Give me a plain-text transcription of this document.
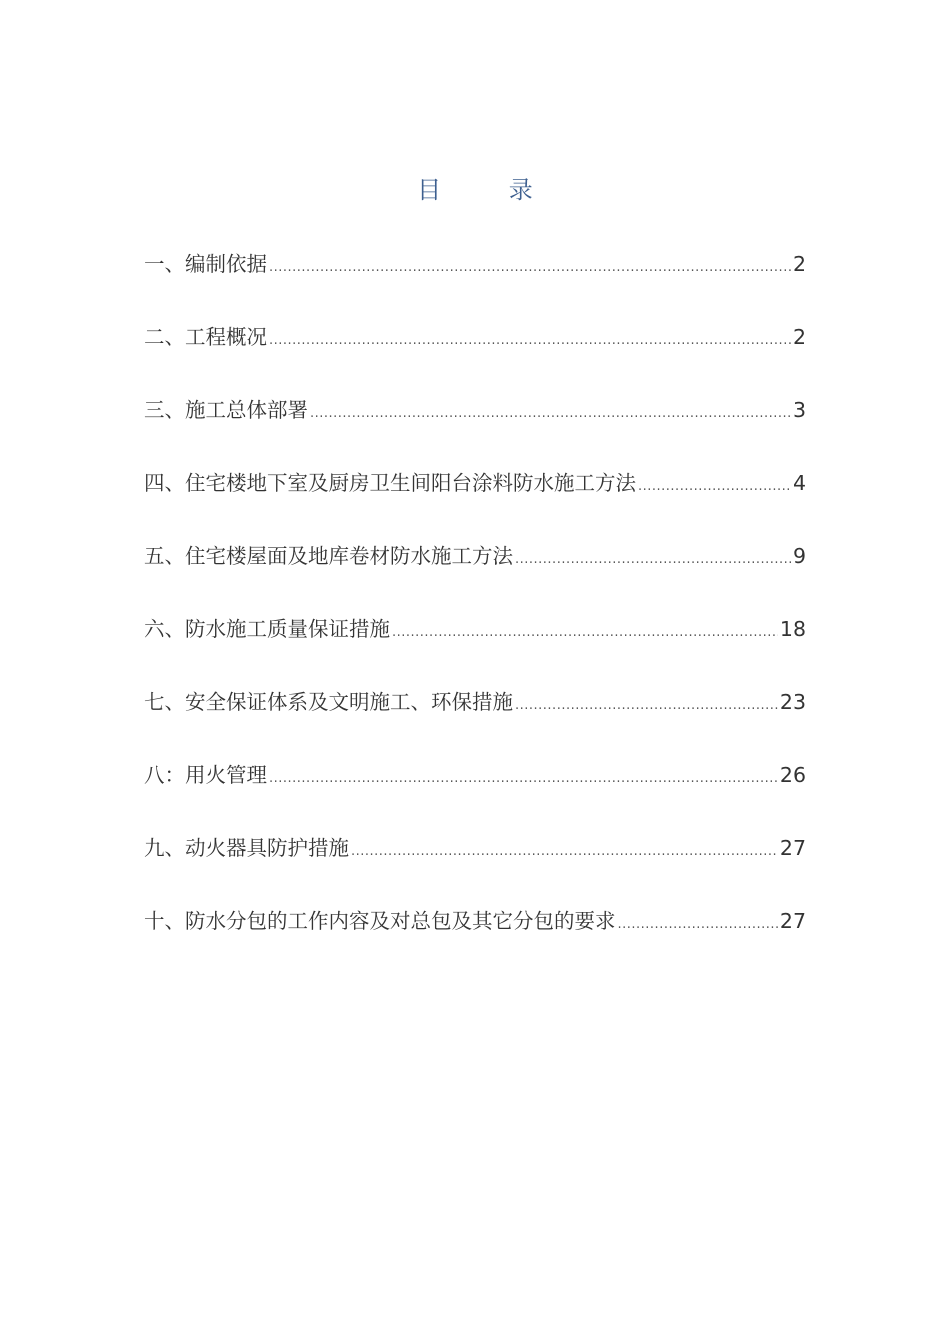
目 录
一、编制依据 .....	2
二、工程概况 .....	2
三、施工总体部署 .....	3
四、住宅楼地下室及厨房卫生间阳台涂料防水施工方法 .....	4
五、住宅楼屋面及地库卷材防水施工方法 .....	9
六、防水施工质量保证措施 .....	18
七、安全保证体系及文明施工、环保措施 .....	23
八：用火管理 .....	26
九、动火器具防护措施 .....	27
十、防水分包的工作内容及对总包及其它分包的要求 .....	27
